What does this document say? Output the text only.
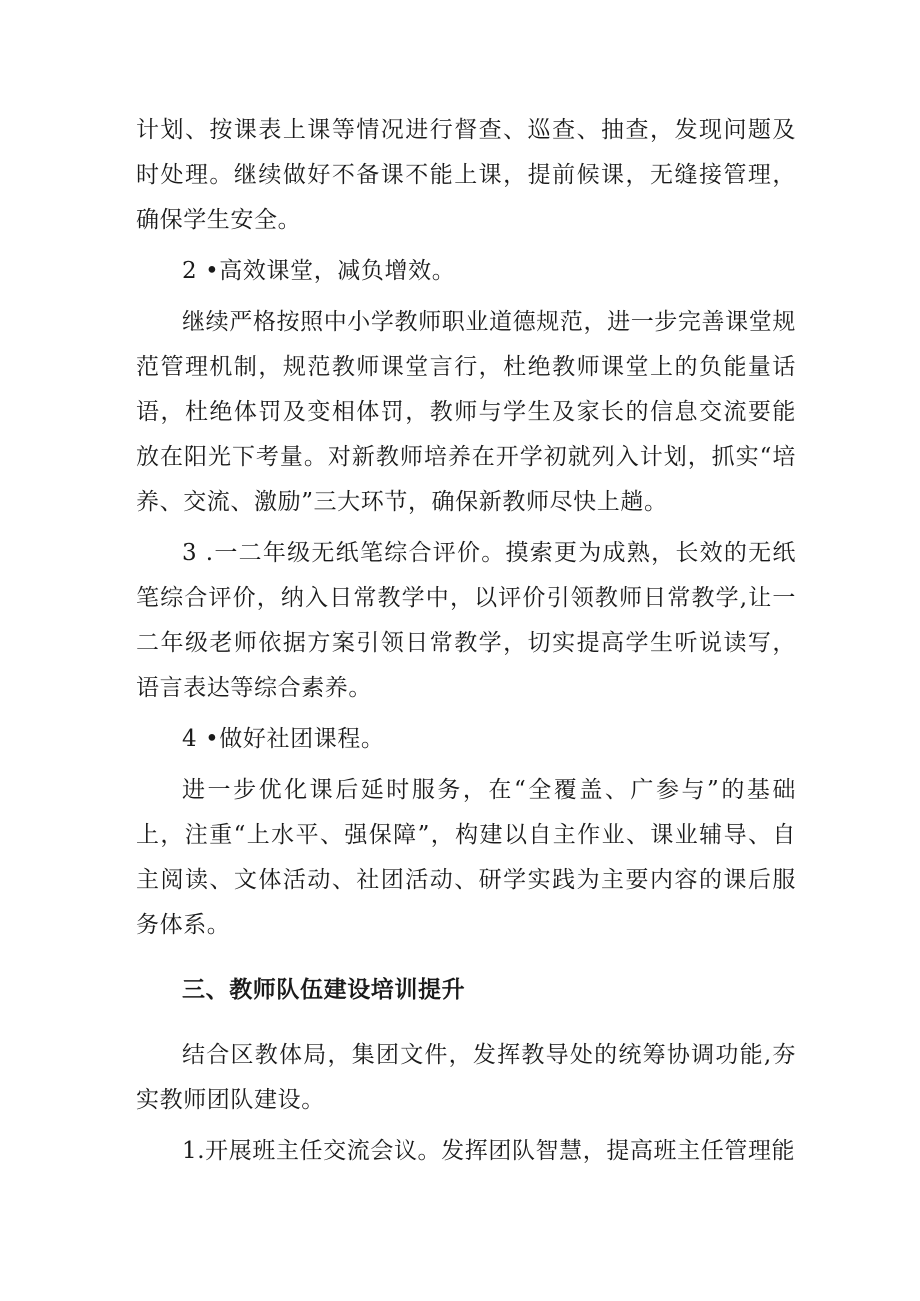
计划、按课表上课等情况进行督查、巡查、抽查，发现问题及时处理。继续做好不备课不能上课，提前候课，无缝接管理，确保学生安全。

2 •高效课堂，减负增效。

继续严格按照中小学教师职业道德规范，进一步完善课堂规范管理机制，规范教师课堂言行，杜绝教师课堂上的负能量话语，杜绝体罚及变相体罚，教师与学生及家长的信息交流要能放在阳光下考量。对新教师培养在开学初就列入计划，抓实“培养、交流、激励”三大环节，确保新教师尽快上趟。

3 .一二年级无纸笔综合评价。摸索更为成熟，长效的无纸笔综合评价，纳入日常教学中，以评价引领教师日常教学,让一二年级老师依据方案引领日常教学，切实提高学生听说读写，语言表达等综合素养。

4 •做好社团课程。

进一步优化课后延时服务，在“全覆盖、广参与”的基础上，注重“上水平、强保障”，构建以自主作业、课业辅导、自主阅读、文体活动、社团活动、研学实践为主要内容的课后服务体系。

三、教师队伍建设培训提升

结合区教体局，集团文件，发挥教导处的统筹协调功能,夯实教师团队建设。

1.开展班主任交流会议。发挥团队智慧，提高班主任管理能
